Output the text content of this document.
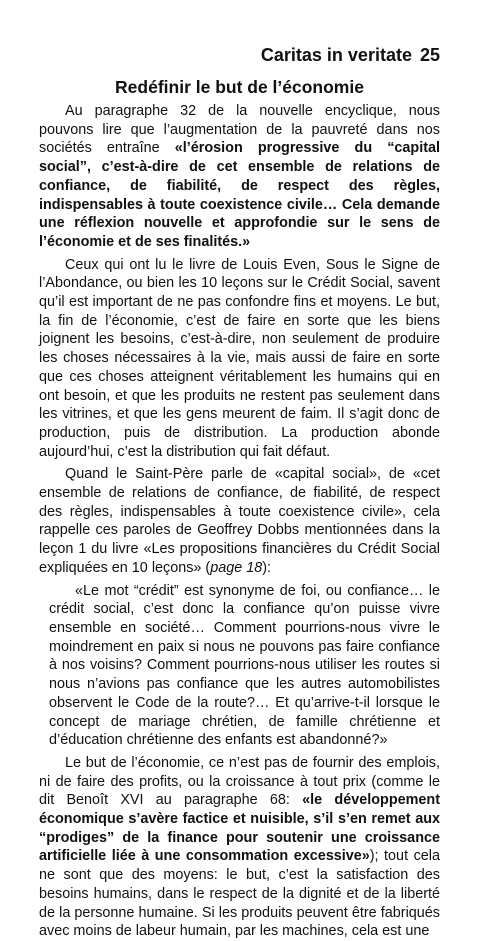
Caritas in veritate 25
Redéfinir le but de l’économie

Au paragraphe 32 de la nouvelle encyclique, nous pouvons lire que l’augmentation de la pauvreté dans nos sociétés entraîne «l’érosion progressive du “capital social”, c’est-à-dire de cet ensemble de relations de confiance, de fiabilité, de respect des règles, indispensables à toute coexistence civile… Cela demande une réflexion nouvelle et approfondie sur le sens de l’économie et de ses finalités.»

Ceux qui ont lu le livre de Louis Even, Sous le Signe de l’Abondance, ou bien les 10 leçons sur le Crédit Social, savent qu’il est important de ne pas confondre fins et moyens. Le but, la fin de l’économie, c’est de faire en sorte que les biens joignent les besoins, c’est-à-dire, non seulement de produire les choses nécessaires à la vie, mais aussi de faire en sorte que ces choses atteignent véritablement les humains qui en ont besoin, et que les produits ne restent pas seulement dans les vitrines, et que les gens meurent de faim. Il s’agit donc de production, puis de distribution. La production abonde aujourd’hui, c’est la distribution qui fait défaut.

Quand le Saint-Père parle de «capital social», de «cet ensemble de relations de confiance, de fiabilité, de respect des règles, indispensables à toute coexistence civile», cela rappelle ces paroles de Geoffrey Dobbs mentionnées dans la leçon 1 du livre «Les propositions financières du Crédit Social expliquées en 10 leçons» (page 18):

«Le mot “crédit” est synonyme de foi, ou confiance… le crédit social, c’est donc la confiance qu’on puisse vivre ensemble en société… Comment pourrions-nous vivre le moindrement en paix si nous ne pouvons pas faire confiance à nos voisins? Comment pourrions-nous utiliser les routes si nous n’avions pas confiance que les autres automobilistes observent le Code de la route?… Et qu’arrive-t-il lorsque le concept de mariage chrétien, de famille chrétienne et d’éducation chrétienne des enfants est abandonné?»

Le but de l’économie, ce n’est pas de fournir des emplois, ni de faire des profits, ou la croissance à tout prix (comme le dit Benoît XVI au paragraphe 68: «le développement économique s’avère factice et nuisible, s’il s’en remet aux “prodiges” de la finance pour soutenir une croissance artificielle liée à une consommation excessive»); tout cela ne sont que des moyens: le but, c’est la satisfaction des besoins humains, dans le respect de la dignité et de la liberté de la personne humaine. Si les produits peuvent être fabriqués avec moins de labeur humain, par les machines, cela est une
